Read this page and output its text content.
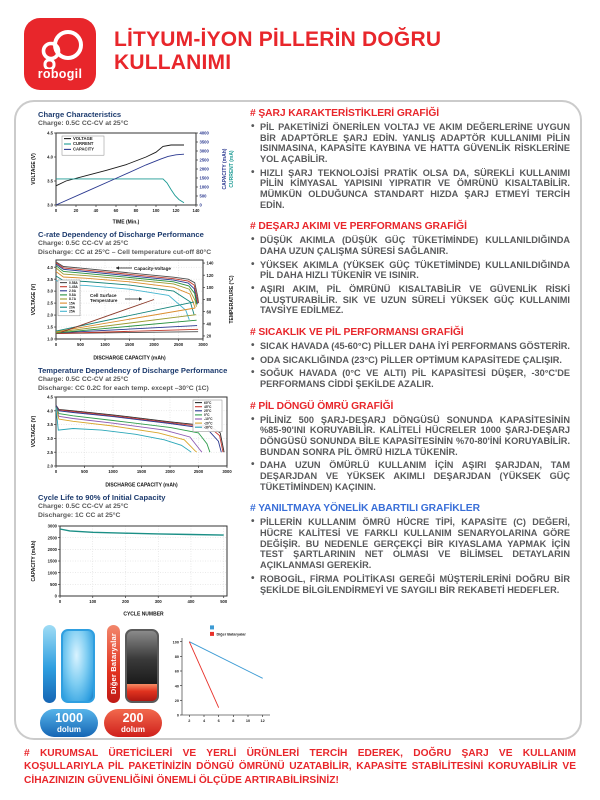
robogil
LİTYUM-İYON PİLLERİN DOĞRU KULLANIMI
Charge Characteristics
Charge: 0.5C CC-CV at 25°C
0	20	40	60	80	100	120	140
3.0
3.5
4.0
4.5
0
500
1000
1500
2000
2500
3000
3500
4000
TIME (Min.)
VOLTAGE (V)	CAPACITY (mAh) CURRENT (mA)
VOLTAGE
CURRENT
CAPACITY
C-rate Dependency of Discharge Performance
Charge: 0.5C CC-CV at 25°C
Discharge: CC at 25°C – Cell temperature cut-off 80°C
0	500	1000	1500	2000	2500	3000
1.0
1.5
2.0
2.5
3.0
3.5
4.0
20
40
60
80
100
120
140
DISCHARGE CAPACITY (mAh)
VOLTAGE (V)	TEMPERATURE (°C)
0.58A
1.45A
2.9A
5.8A
8.7A
15A
20A
25A
Capacity-Voltage
Cell Surface
Temperature
Temperature Dependency of Discharge Performance
Charge: 0.5C CC-CV at 25°C
Discharge: CC 0.2C for each temp. except –30°C (1C)
0	500	1000	1500	2000	2500	3000
2.0
2.5
3.0
3.5
4.0
4.5
DISCHARGE CAPACITY (mAh)
VOLTAGE (V)
60°C
45°C
25°C
0°C
-10°C
-20°C
-30°C
Cycle Life to 90% of Initial Capacity
Charge: 0.5C CC-CV at 25°C
Discharge: 1C CC at 25°C
0	100	200	300	400	500
0
500
1000
1500
2000
2500
3000
CYCLE NUMBER
CAPACITY (mAh)
1000
dolum
Diğer Bataryalar
200
dolum
2	4	6	8	10	12
0
20
40
60
80
100
Diğer Bataryalar
# ŞARJ KARAKTERİSTİKLERİ GRAFİĞİ
• PİL PAKETİNİZİ ÖNERİLEN VOLTAJ VE AKIM DEĞERLERİNE UYGUN BİR ADAPTÖRLE ŞARJ EDİN. YANLIŞ ADAPTÖR KULLANIMI PİLİN ISINMASINA, KAPASİTE KAYBINA VE HATTA GÜVENLİK RİSKLERİNE YOL AÇABİLİR.
• HIZLI ŞARJ TEKNOLOJİSİ PRATİK OLSA DA, SÜREKLİ KULLANIMI PİLİN KİMYASAL YAPISINI YIPRATIR VE ÖMRÜNÜ KISALTABİLİR. MÜMKÜN OLDUĞUNCA STANDART HIZDA ŞARJ ETMEYİ TERCİH EDİN.
# DEŞARJ AKIMI VE PERFORMANS GRAFİĞİ
• DÜŞÜK AKIMLA (DÜŞÜK GÜÇ TÜKETİMİNDE) KULLANILDIĞINDA DAHA UZUN ÇALIŞMA SÜRESİ SAĞLANIR.
• YÜKSEK AKIMLA (YÜKSEK GÜÇ TÜKETİMİNDE) KULLANILDIĞINDA PİL DAHA HIZLI TÜKENİR VE ISINIR.
• AŞIRI AKIM, PİL ÖMRÜNÜ KISALTABİLİR VE GÜVENLİK RİSKİ OLUŞTURABİLİR. SIK VE UZUN SÜRELİ YÜKSEK GÜÇ KULLANIMI TAVSİYE EDİLMEZ.
# SICAKLIK VE PİL PERFORMANSI GRAFİĞİ
• SICAK HAVADA (45-60°C) PİLLER DAHA İYİ PERFORMANS GÖSTERİR.
• ODA SICAKLIĞINDA (23°C) PİLLER OPTİMUM KAPASİTEDE ÇALIŞIR.
• SOĞUK HAVADA (0°C VE ALTI) PİL KAPASİTESİ DÜŞER, -30°C'DE PERFORMANS CİDDİ ŞEKİLDE AZALIR.
# PİL DÖNGÜ ÖMRÜ GRAFİĞİ
• PİLİNİZ 500 ŞARJ-DEŞARJ DÖNGÜSÜ SONUNDA KAPASİTESİNİN %85-90'INI KORUYABİLİR. KALİTELİ HÜCRELER 1000 ŞARJ-DEŞARJ DÖNGÜSÜ SONUNDA BİLE KAPASİTESİNİN %70-80'İNİ KORUYABİLİR. BUNDAN SONRA PİL ÖMRÜ HIZLA TÜKENİR.
• DAHA UZUN ÖMÜRLÜ KULLANIM İÇİN AŞIRI ŞARJDAN, TAM DEŞARJDAN VE YÜKSEK AKIMLI DEŞARJDAN (YÜKSEK GÜÇ TÜKETİMİNDEN) KAÇININ.
# YANILTMAYA YÖNELİK ABARTILI GRAFİKLER
• PİLLERİN KULLANIM ÖMRÜ HÜCRE TİPİ, KAPASİTE (C) DEĞERİ, HÜCRE KALİTESİ VE FARKLI KULLANIM SENARYOLARINA GÖRE DEĞİŞİR. BU NEDENLE GERÇEKÇİ BİR KIYASLAMA YAPMAK İÇİN TEST ŞARTLARININ NET OLMASI VE BİLİMSEL DETAYLARIN AÇIKLANMASI GEREKİR.
• ROBOGİL, FİRMA POLİTİKASI GEREĞİ MÜŞTERİLERİNİ DOĞRU BİR ŞEKİLDE BİLGİLENDİRMEYİ VE SAYGILI BİR REKABETİ HEDEFLER.
# KURUMSAL ÜRETİCİLERİ VE YERLİ ÜRÜNLERİ TERCİH EDEREK, DOĞRU ŞARJ VE KULLANIM KOŞULLARIYLA PİL PAKETİNİZİN DÖNGÜ ÖMRÜNÜ UZATABİLİR, KAPASİTE STABİLİTESİNİ KORUYABİLİR VE CİHAZINIZIN GÜVENLİĞİNİ ÖNEMLİ ÖLÇÜDE ARTIRABİLİRSİNİZ!
